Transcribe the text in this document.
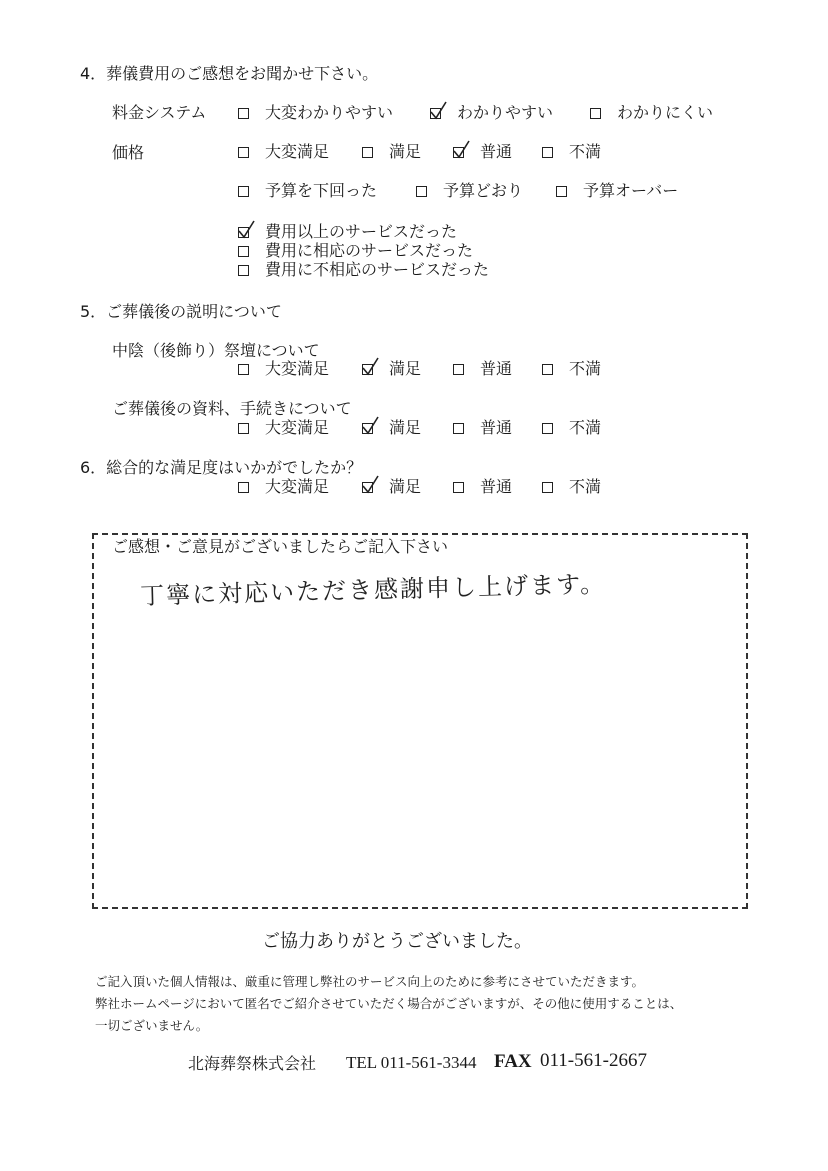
4．葬儀費用のご感想をお聞かせ下さい。
料金システム	大変わかりやすい	わかりやすい	わかりにくい
価格	大変満足	満足	普通	不満
予算を下回った	予算どおり	予算オーバー
費用以上のサービスだった
費用に相応のサービスだった
費用に不相応のサービスだった
5．ご葬儀後の説明について
中陰（後飾り）祭壇について
大変満足	満足	普通	不満
ご葬儀後の資料、手続きについて
大変満足	満足	普通	不満
6．総合的な満足度はいかがでしたか？
大変満足	満足	普通	不満
ご感想・ご意見がございましたらご記入下さい
丁寧に対応いただき感謝申し上げます。
ご協力ありがとうございました。
ご記入頂いた個人情報は、厳重に管理し弊社のサービス向上のために参考にさせていただきます。
弊社ホームページにおいて匿名でご紹介させていただく場合がございますが、その他に使用することは、
一切ございません。
北海葬祭株式会社 TEL 011-561-3344 FAX 011-561-2667
